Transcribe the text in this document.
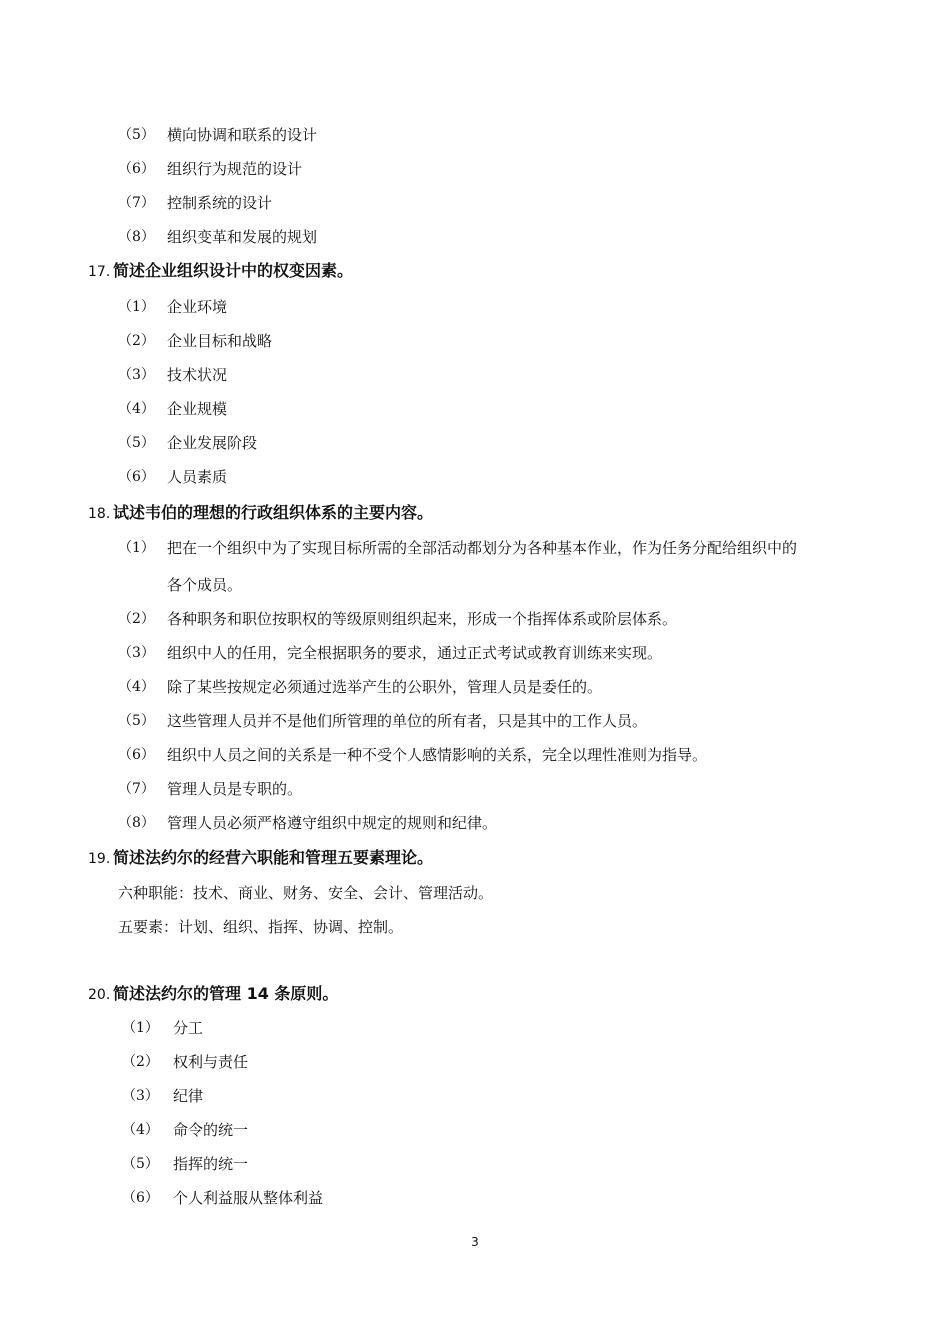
（5） 横向协调和联系的设计
（6） 组织行为规范的设计
（7） 控制系统的设计
（8） 组织变革和发展的规划
17. 简述企业组织设计中的权变因素。
（1） 企业环境
（2） 企业目标和战略
（3） 技术状况
（4） 企业规模
（5） 企业发展阶段
（6） 人员素质
18. 试述韦伯的理想的行政组织体系的主要内容。
（1） 把在一个组织中为了实现目标所需的全部活动都划分为各种基本作业，作为任务分配给组织中的
各个成员。
（2） 各种职务和职位按职权的等级原则组织起来，形成一个指挥体系或阶层体系。
（3） 组织中人的任用，完全根据职务的要求，通过正式考试或教育训练来实现。
（4） 除了某些按规定必须通过选举产生的公职外，管理人员是委任的。
（5） 这些管理人员并不是他们所管理的单位的所有者，只是其中的工作人员。
（6） 组织中人员之间的关系是一种不受个人感情影响的关系，完全以理性准则为指导。
（7） 管理人员是专职的。
（8） 管理人员必须严格遵守组织中规定的规则和纪律。
19. 简述法约尔的经营六职能和管理五要素理论。
六种职能：技术、商业、财务、安全、会计、管理活动。
五要素：计划、组织、指挥、协调、控制。
20. 简述法约尔的管理 14 条原则。
（1） 分工
（2） 权利与责任
（3） 纪律
（4） 命令的统一
（5） 指挥的统一
（6） 个人利益服从整体利益
3
